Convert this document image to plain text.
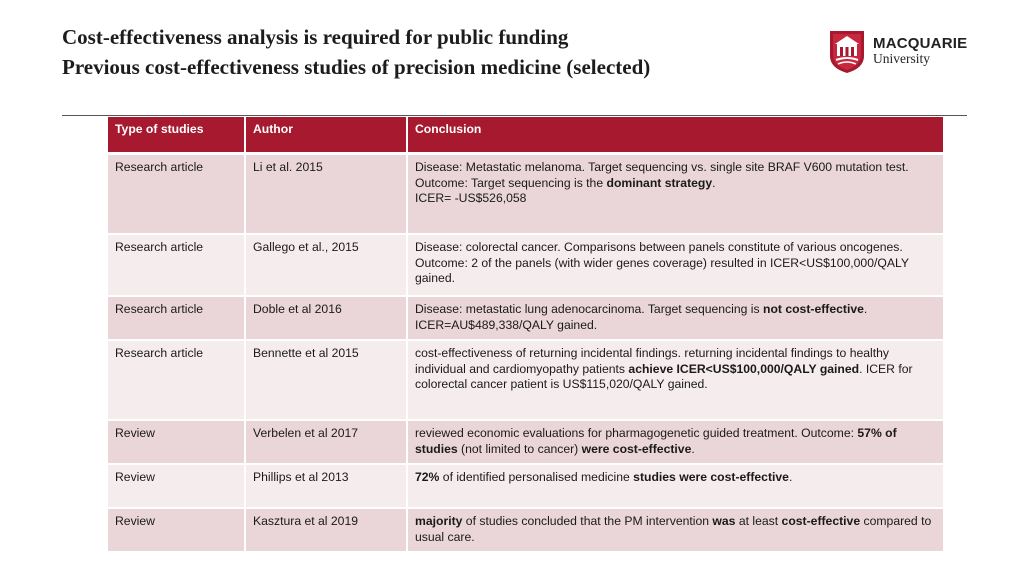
Cost-effectiveness analysis is required for public funding
Previous cost-effectiveness studies of precision medicine (selected)
MACQUARIE
University
Type of studies	Author	Conclusion
Research article	Li et al. 2015	Disease: Metastatic melanoma. Target sequencing vs. single site BRAF V600 mutation test.
Outcome: Target sequencing is the dominant strategy.
ICER= -US$526,058

Research article	Gallego et al., 2015	Disease: colorectal cancer. Comparisons between panels constitute of various oncogenes.
Outcome: 2 of the panels (with wider genes coverage) resulted in ICER<US$100,000/QALY gained.

Research article	Doble et al 2016	Disease: metastatic lung adenocarcinoma. Target sequencing is not cost-effective.
ICER=AU$489,338/QALY gained.

Research article	Bennette et al 2015	cost-effectiveness of returning incidental findings. returning incidental findings to healthy individual and cardiomyopathy patients achieve ICER<US$100,000/QALY gained. ICER for colorectal cancer patient is US$115,020/QALY gained.

Review	Verbelen et al 2017	reviewed economic evaluations for pharmagogenetic guided treatment. Outcome: 57% of studies (not limited to cancer) were cost-effective.

Review	Phillips et al 2013	72% of identified personalised medicine studies were cost-effective.

Review	Kasztura et al 2019	majority of studies concluded that the PM intervention was at least cost-effective compared to usual care.
